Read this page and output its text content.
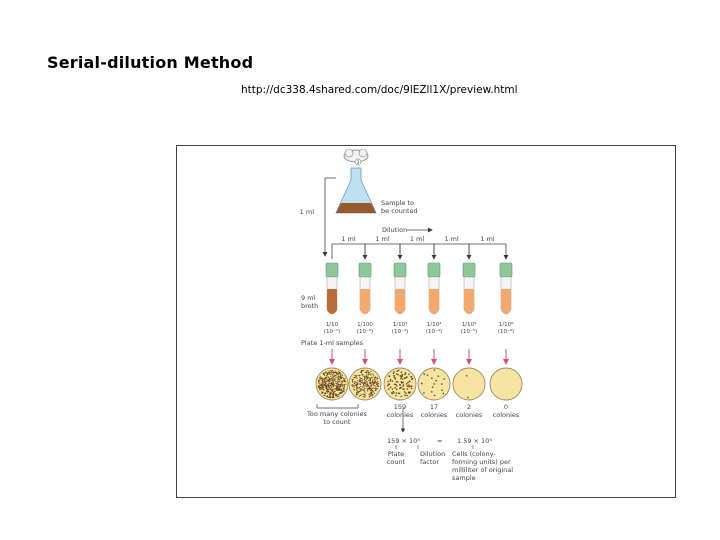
Serial-dilution Method
http://dc338.4shared.com/doc/9lEZll1X/preview.html
3
Sample to
be counted
1 ml
Dilution
1 ml	1 ml	1 ml	1 ml	1 ml
9 ml
broth
1/10
(10⁻¹)
1/100
(10⁻²)
1/10³
(10⁻³)
1/10⁴
(10⁻⁴)
1/10⁵
(10⁻⁵)
1/10⁶
(10⁻⁶)
Plate 1-ml samples
159
colonies
17
colonies
2
colonies
0
colonies
Too many colonies
to count
159 × 10³	= 1.59 × 10⁵
Plate
count
Dilution
factor
Cells (colony-
forming units) per
milliliter of original
sample
